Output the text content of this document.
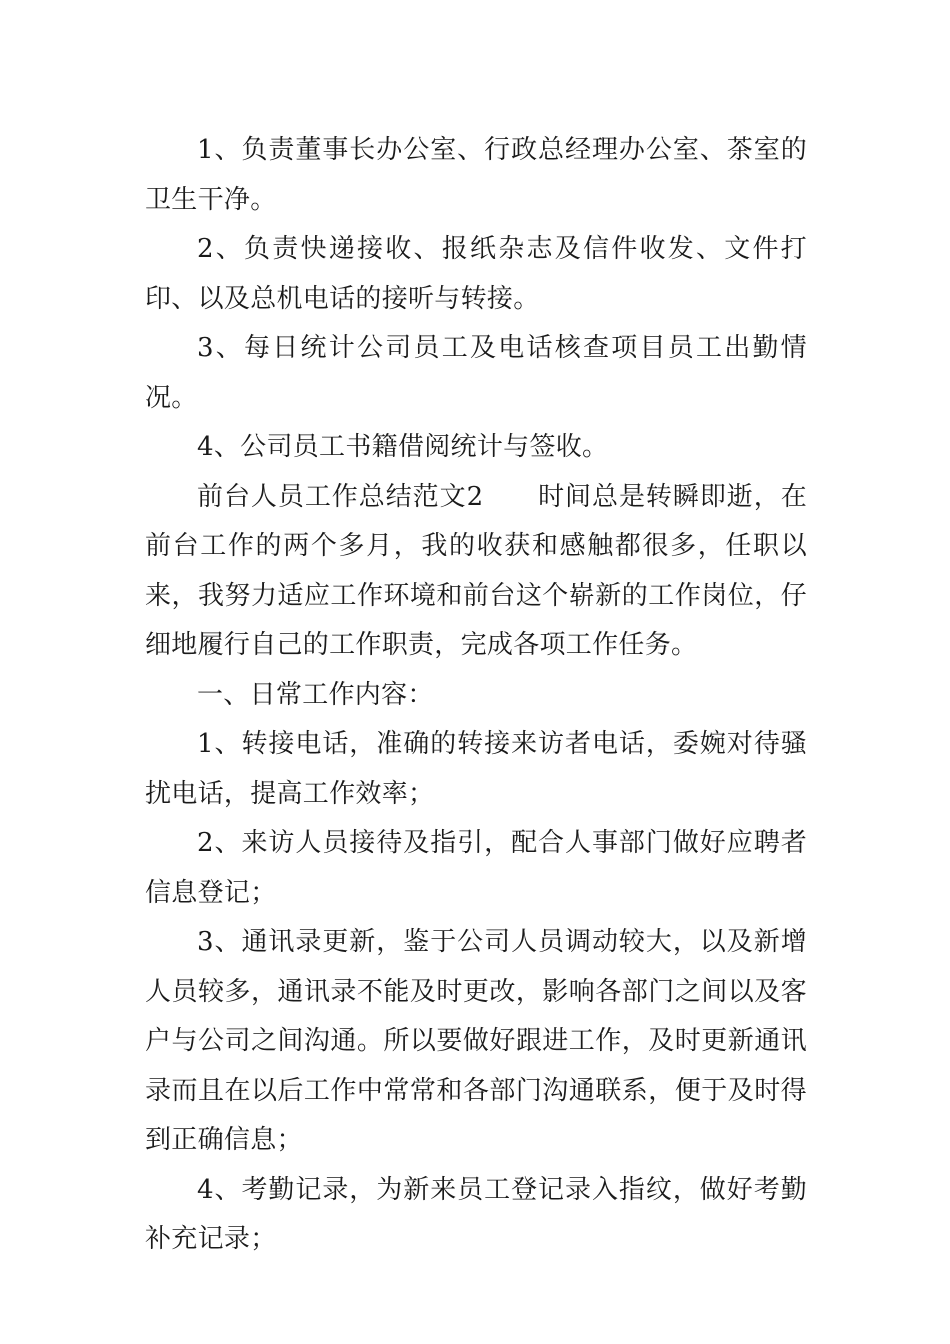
1、负责董事长办公室、行政总经理办公室、茶室的卫生干净。

2、负责快递接收、报纸杂志及信件收发、文件打印、以及总机电话的接听与转接。

3、每日统计公司员工及电话核查项目员工出勤情况。

4、公司员工书籍借阅统计与签收。

前台人员工作总结范文2 时间总是转瞬即逝，在前台工作的两个多月，我的收获和感触都很多，任职以来，我努力适应工作环境和前台这个崭新的工作岗位，仔细地履行自己的工作职责，完成各项工作任务。

一、日常工作内容：

1、转接电话，准确的转接来访者电话，委婉对待骚扰电话，提高工作效率；

2、来访人员接待及指引，配合人事部门做好应聘者信息登记；

3、通讯录更新，鉴于公司人员调动较大，以及新增人员较多，通讯录不能及时更改，影响各部门之间以及客户与公司之间沟通。所以要做好跟进工作，及时更新通讯录而且在以后工作中常常和各部门沟通联系，便于及时得到正确信息；

4、考勤记录，为新来员工登记录入指纹，做好考勤补充记录；
